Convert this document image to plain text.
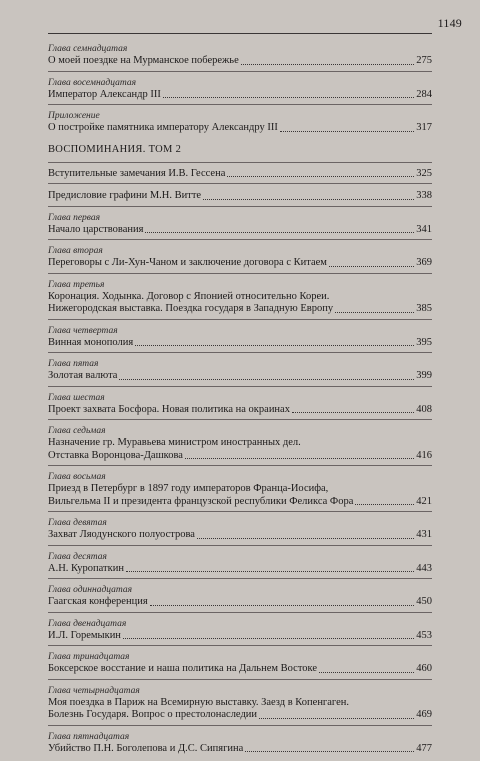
1149
Глава семнадцатая
О моей поездке на Мурманское побережье	275
Глава восемнадцатая
Император Александр III	284
Приложение
О постройке памятника императору Александру III	317
ВОСПОМИНАНИЯ. ТОМ 2
Вступительные замечания И.В. Гессена	325
Предисловие графини М.Н. Витте	338
Глава первая
Начало царствования	341
Глава вторая
Переговоры с Ли-Хун-Чаном и заключение договора с Китаем	369
Глава третья
Коронация. Ходынка. Договор с Японией относительно Кореи.
Нижегородская выставка. Поездка государя в Западную Европу	385
Глава четвертая
Винная монополия	395
Глава пятая
Золотая валюта	399
Глава шестая
Проект захвата Босфора. Новая политика на окраинах	408
Глава седьмая
Назначение гр. Муравьева министром иностранных дел.
Отставка Воронцова-Дашкова	416
Глава восьмая
Приезд в Петербург в 1897 году императоров Франца-Иосифа,
Вильгельма II и президента французской республики Феликса Фора	421
Глава девятая
Захват Ляодунского полуострова	431
Глава десятая
А.Н. Куропаткин	443
Глава одиннадцатая
Гаагская конференция	450
Глава двенадцатая
И.Л. Горемыкин	453
Глава тринадцатая
Боксерское восстание и наша политика на Дальнем Востоке	460
Глава четырнадцатая
Моя поездка в Париж на Всемирную выставку. Заезд в Копенгаген.
Болезнь Государя. Вопрос о престолонаследии	469
Глава пятнадцатая
Убийство П.Н. Боголепова и Д.С. Сипягина	477
